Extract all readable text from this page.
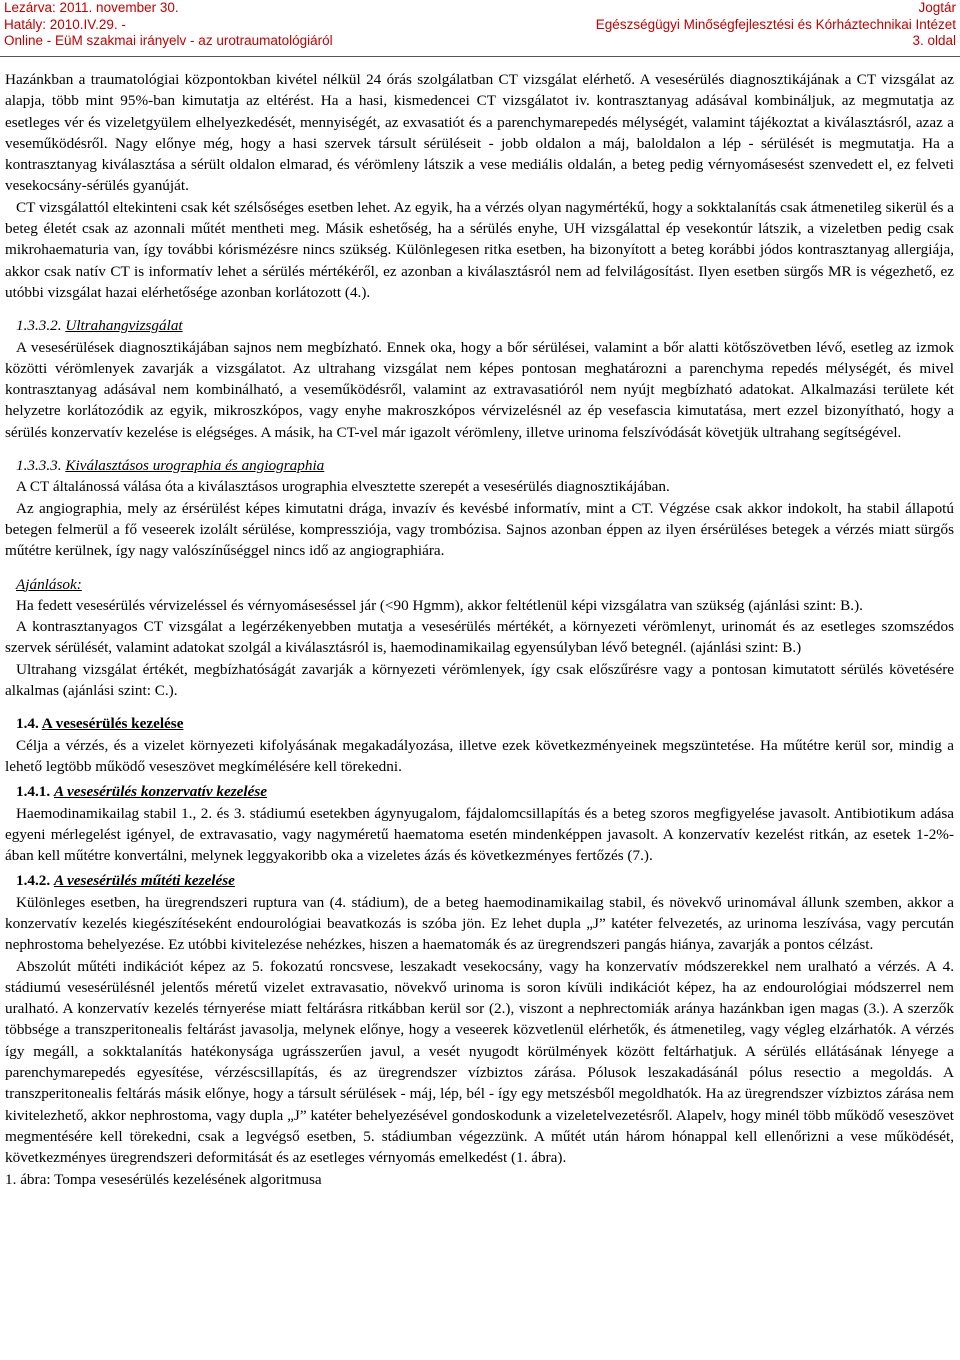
Lezárva: 2011. november 30.	Jogtár
Hatály: 2010.IV.29. -	Egészségügyi Minőségfejlesztési és Kórháztechnikai Intézet
Online - EüM szakmai irányelv - az urotraumatológiáról	3. oldal

Hazánkban a traumatológiai központokban kivétel nélkül 24 órás szolgálatban CT vizsgálat elérhető. A vesesérülés diagnosztikájának a CT vizsgálat az alapja, több mint 95%-ban kimutatja az eltérést. Ha a hasi, kismedencei CT vizsgálatot iv. kontrasztanyag adásával kombináljuk, az megmutatja az esetleges vér és vizeletgyülem elhelyezkedését, mennyiségét, az exvasatiót és a parenchymarepedés mélységét, valamint tájékoztat a kiválasztásról, azaz a veseműködésről. Nagy előnye még, hogy a hasi szervek társult sérüléseit - jobb oldalon a máj, baloldalon a lép - sérülését is megmutatja. Ha a kontrasztanyag kiválasztása a sérült oldalon elmarad, és vérömleny látszik a vese mediális oldalán, a beteg pedig vérnyomásesést szenvedett el, ez felveti vesekocsány-sérülés gyanúját.

CT vizsgálattól eltekinteni csak két szélsőséges esetben lehet. Az egyik, ha a vérzés olyan nagymértékű, hogy a sokktalanítás csak átmenetileg sikerül és a beteg életét csak az azonnali műtét mentheti meg. Másik eshetőség, ha a sérülés enyhe, UH vizsgálattal ép vesekontúr látszik, a vizeletben pedig csak mikrohaematuria van, így további kórismézésre nincs szükség. Különlegesen ritka esetben, ha bizonyított a beteg korábbi jódos kontrasztanyag allergiája, akkor csak natív CT is informatív lehet a sérülés mértékéről, ez azonban a kiválasztásról nem ad felvilágosítást. Ilyen esetben sürgős MR is végezhető, ez utóbbi vizsgálat hazai elérhetősége azonban korlátozott (4.).

1.3.3.2. Ultrahangvizsgálat

A vesesérülések diagnosztikájában sajnos nem megbízható. Ennek oka, hogy a bőr sérülései, valamint a bőr alatti kötőszövetben lévő, esetleg az izmok közötti vérömlenyek zavarják a vizsgálatot. Az ultrahang vizsgálat nem képes pontosan meghatározni a parenchyma repedés mélységét, és mivel kontrasztanyag adásával nem kombinálható, a veseműködésről, valamint az extravasatióról nem nyújt megbízható adatokat. Alkalmazási területe két helyzetre korlátozódik az egyik, mikroszkópos, vagy enyhe makroszkópos vérvizelésnél az ép vesefascia kimutatása, mert ezzel bizonyítható, hogy a sérülés konzervatív kezelése is elégséges. A másik, ha CT-vel már igazolt vérömleny, illetve urinoma felszívódását követjük ultrahang segítségével.

1.3.3.3. Kiválasztásos urographia és angiographia

A CT általánossá válása óta a kiválasztásos urographia elvesztette szerepét a vesesérülés diagnosztikájában.

Az angiographia, mely az érsérülést képes kimutatni drága, invazív és kevésbé informatív, mint a CT. Végzése csak akkor indokolt, ha stabil állapotú betegen felmerül a fő veseerek izolált sérülése, kompressziója, vagy trombózisa. Sajnos azonban éppen az ilyen érsérüléses betegek a vérzés miatt sürgős műtétre kerülnek, így nagy valószínűséggel nincs idő az angiographiára.

Ajánlások:

Ha fedett vesesérülés vérvizeléssel és vérnyomáseséssel jár (<90 Hgmm), akkor feltétlenül képi vizsgálatra van szükség (ajánlási szint: B.).

A kontrasztanyagos CT vizsgálat a legérzékenyebben mutatja a vesesérülés mértékét, a környezeti vérömlenyt, urinomát és az esetleges szomszédos szervek sérülését, valamint adatokat szolgál a kiválasztásról is, haemodinamikailag egyensúlyban lévő betegnél. (ajánlási szint: B.)

Ultrahang vizsgálat értékét, megbízhatóságát zavarják a környezeti vérömlenyek, így csak előszűrésre vagy a pontosan kimutatott sérülés követésére alkalmas (ajánlási szint: C.).

1.4. A vesesérülés kezelése

Célja a vérzés, és a vizelet környezeti kifolyásának megakadályozása, illetve ezek következményeinek megszüntetése. Ha műtétre kerül sor, mindig a lehető legtöbb működő veseszövet megkímélésére kell törekedni.

1.4.1. A vesesérülés konzervatív kezelése

Haemodinamikailag stabil 1., 2. és 3. stádiumú esetekben ágynyugalom, fájdalomcsillapítás és a beteg szoros megfigyelése javasolt. Antibiotikum adása egyeni mérlegelést igényel, de extravasatio, vagy nagyméretű haematoma esetén mindenképpen javasolt. A konzervatív kezelést ritkán, az esetek 1-2%-ában kell műtétre konvertálni, melynek leggyakoribb oka a vizeletes ázás és következményes fertőzés (7.).

1.4.2. A vesesérülés műtéti kezelése

Különleges esetben, ha üregrendszeri ruptura van (4. stádium), de a beteg haemodinamikailag stabil, és növekvő urinomával állunk szemben, akkor a konzervatív kezelés kiegészítéseként endourológiai beavatkozás is szóba jön. Ez lehet dupla „J” katéter felvezetés, az urinoma leszívása, vagy percután nephrostoma behelyezése. Ez utóbbi kivitelezése nehézkes, hiszen a haematomák és az üregrendszeri pangás hiánya, zavarják a pontos célzást.

Abszolút műtéti indikációt képez az 5. fokozatú roncsvese, leszakadt vesekocsány, vagy ha konzervatív módszerekkel nem uralható a vérzés. A 4. stádiumú vesesérülésnél jelentős méretű vizelet extravasatio, növekvő urinoma is soron kívüli indikációt képez, ha az endourológiai módszerrel nem uralható. A konzervatív kezelés térnyerése miatt feltárásra ritkábban kerül sor (2.), viszont a nephrectomiák aránya hazánkban igen magas (3.). A szerzők többsége a transzperitonealis feltárást javasolja, melynek előnye, hogy a veseerek közvetlenül elérhetők, és átmenetileg, vagy végleg elzárhatók. A vérzés így megáll, a sokktalanítás hatékonysága ugrásszerűen javul, a vesét nyugodt körülmények között feltárhatjuk. A sérülés ellátásának lényege a parenchymarepedés egyesítése, vérzéscsillapítás, és az üregrendszer vízbiztos zárása. Pólusok leszakadásánál pólus resectio a megoldás. A transzperitonealis feltárás másik előnye, hogy a társult sérülések - máj, lép, bél - így egy metszésből megoldhatók. Ha az üregrendszer vízbiztos zárása nem kivitelezhető, akkor nephrostoma, vagy dupla „J” katéter behelyezésével gondoskodunk a vizeletelvezetésről. Alapelv, hogy minél több működő veseszövet megmentésére kell törekedni, csak a legvégső esetben, 5. stádiumban végezzünk. A műtét után három hónappal kell ellenőrizni a vese működését, következményes üregrendszeri deformitását és az esetleges vérnyomás emelkedést (1. ábra).

1. ábra: Tompa vesesérülés kezelésének algoritmusa
